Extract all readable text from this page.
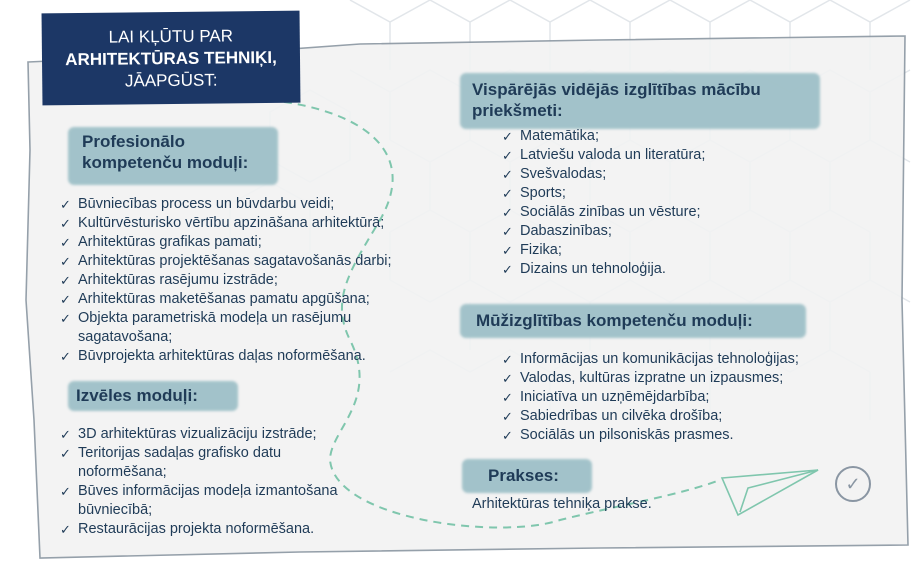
LAI KĻŪTU PAR
ARHITEKTŪRAS TEHNIĶI,
JĀAPGŪST:
Profesionālo
kompetenču moduļi:
✓ Būvniecības process un būvdarbu veidi;
✓ Kultūrvēsturisko vērtību apzināšana arhitektūrā;
✓ Arhitektūras grafikas pamati;
✓ Arhitektūras projektēšanas sagatavošanās darbi;
✓ Arhitektūras rasējumu izstrāde;
✓ Arhitektūras maketēšanas pamatu apgūšana;
✓ Objekta parametriskā modeļa un rasējumu sagatavošana;
✓ Būvprojekta arhitektūras daļas noformēšana.
Izvēles moduļi:
✓ 3D arhitektūras vizualizāciju izstrāde;
✓ Teritorijas sadaļas grafisko datu noformēšana;
✓ Būves informācijas modeļa izmantošana būvniecībā;
✓ Restaurācijas projekta noformēšana.
Vispārējās vidējās izglītības mācību
priekšmeti:
✓ Matemātika;
✓ Latviešu valoda un literatūra;
✓ Svešvalodas;
✓ Sports;
✓ Sociālās zinības un vēsture;
✓ Dabaszinības;
✓ Fizika;
✓ Dizains un tehnoloģija.
Mūžizglītības kompetenču moduļi:
✓ Informācijas un komunikācijas tehnoloģijas;
✓ Valodas, kultūras izpratne un izpausmes;
✓ Iniciatīva un uzņēmējdarbība;
✓ Sabiedrības un cilvēka drošība;
✓ Sociālās un pilsoniskās prasmes.
Prakses:
Arhitektūras tehniķa prakse.
✓
